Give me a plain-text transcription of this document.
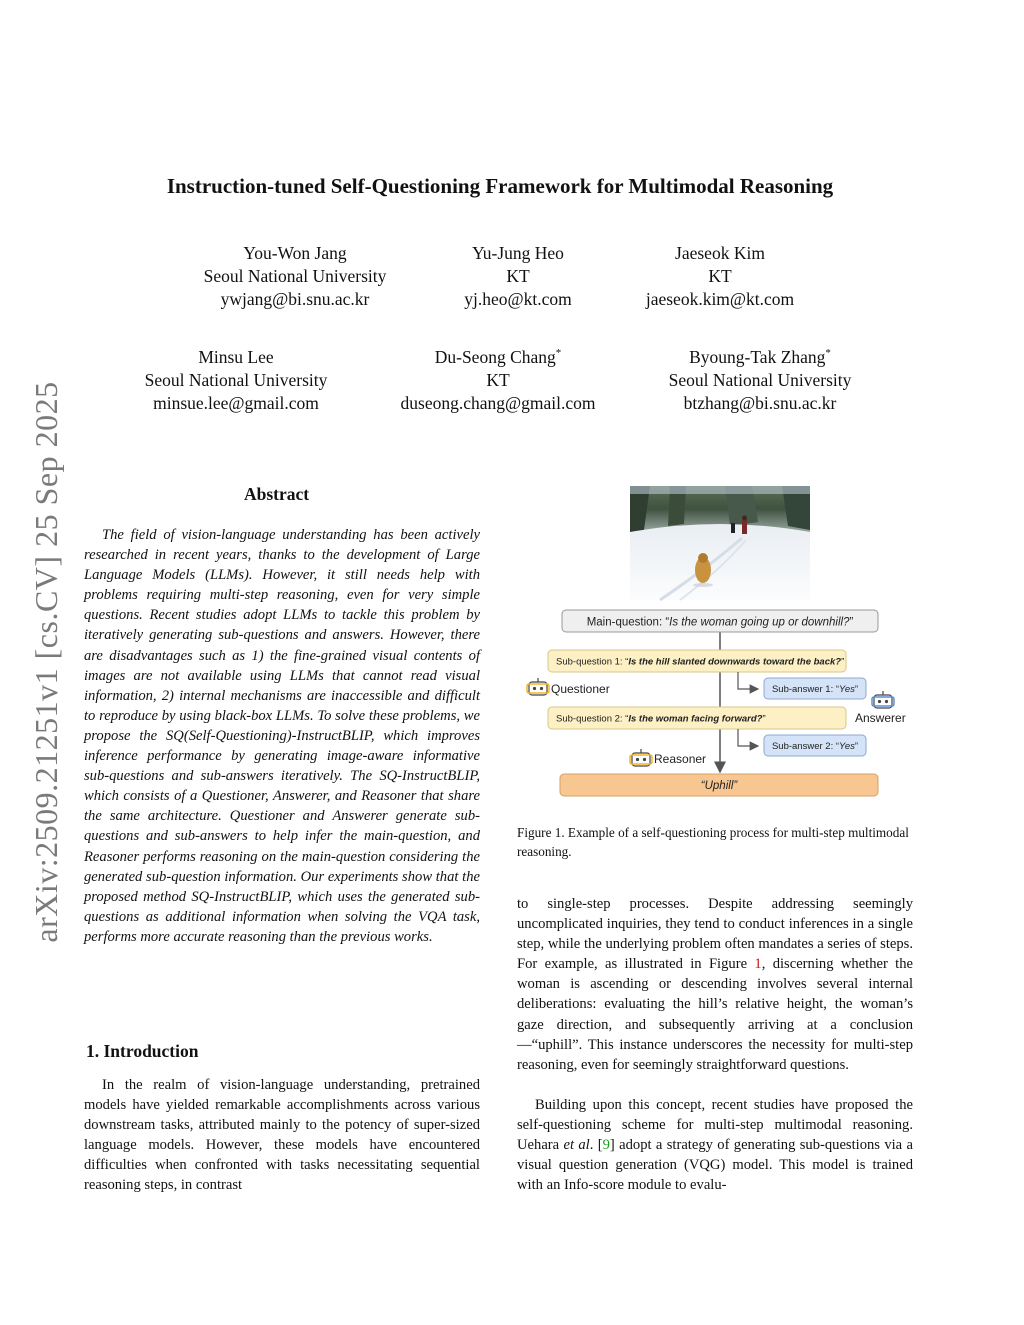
arXiv:2509.21251v1 [cs.CV] 25 Sep 2025
Instruction-tuned Self-Questioning Framework for Multimodal Reasoning
You-Won Jang
Seoul National University
ywjang@bi.snu.ac.kr
Yu-Jung Heo
KT
yj.heo@kt.com
Jaeseok Kim
KT
jaeseok.kim@kt.com
Minsu Lee
Seoul National University
minsue.lee@gmail.com
Du-Seong Chang*
KT
duseong.chang@gmail.com
Byoung-Tak Zhang*
Seoul National University
btzhang@bi.snu.ac.kr
Abstract

The field of vision-language understanding has been actively researched in recent years, thanks to the development of Large Language Models (LLMs). However, it still needs help with problems requiring multi-step reasoning, even for very simple questions. Recent studies adopt LLMs to tackle this problem by iteratively generating sub-questions and answers. However, there are disadvantages such as 1) the fine-grained visual contents of images are not available using LLMs that cannot read visual information, 2) internal mechanisms are inaccessible and difficult to reproduce by using black-box LLMs. To solve these problems, we propose the SQ(Self-Questioning)-InstructBLIP, which improves inference performance by generating image-aware informative sub-questions and sub-answers iteratively. The SQ-InstructBLIP, which consists of a Questioner, Answerer, and Reasoner that share the same architecture. Questioner and Answerer generate sub-questions and sub-answers to help infer the main-question, and Reasoner performs reasoning on the main-question considering the generated sub-question information. Our experiments show that the proposed method SQ-InstructBLIP, which uses the generated sub-questions as additional information when solving the VQA task, performs more accurate reasoning than the previous works.

1. Introduction

In the realm of vision-language understanding, pretrained models have yielded remarkable accomplishments across various downstream tasks, attributed mainly to the potency of super-sized language models. However, these models have encountered difficulties when confronted with tasks necessitating sequential reasoning steps, in contrast

to single-step processes. Despite addressing seemingly uncomplicated inquiries, they tend to conduct inferences in a single step, while the underlying problem often mandates a series of steps. For example, as illustrated in Figure 1, discerning whether the woman is ascending or descending involves several internal deliberations: evaluating the hill’s relative height, the woman’s gaze direction, and subsequently arriving at a conclusion—“uphill”. This instance underscores the necessity for multi-step reasoning, even for seemingly straightforward questions.

Building upon this concept, recent studies have proposed the self-questioning scheme for multi-step multimodal reasoning. Uehara et al. [9] adopt a strategy of generating sub-questions via a visual question generation (VQG) model. This model is trained with an Info-score module to evalu-

Main-question: “Is the woman going up or downhill?”
Sub-question 1: “Is the hill slanted downwards toward the back?”
Sub-answer 1: “Yes”
Questioner
Answerer
Sub-question 2: “Is the woman facing forward?”
Sub-answer 2: “Yes”
Reasoner
“Uphill”

Figure 1. Example of a self-questioning process for multi-step multimodal reasoning.
